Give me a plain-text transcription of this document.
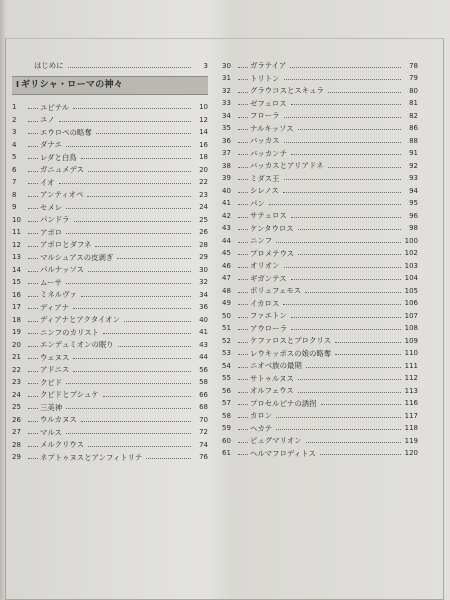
はじめに	3
I ギリシャ・ローマの神々
1	ユピテル	10
2	ユノ	12
3	エウロペの略奪	14
4	ダナエ	16
5	レダと白鳥	18
6	ガニュメデス	20
7	イオ	22
8	アンティオペ	23
9	セメレ	24
10	パンドラ	25
11	アポロ	26
12	アポロとダフネ	28
13	マルシュアスの皮剥ぎ	29
14	パルナッソス	30
15	ムーサ	32
16	ミネルヴァ	34
17	ディアナ	36
18	ディアナとアクタイオン	40
19	ニンフのカリスト	41
20	エンデュミオンの眠り	43
21	ウェヌス	44
22	アドニス	56
23	クピド	58
24	クピドとプシュケ	66
25	三美神	68
26	ウルカヌス	70
27	マルス	72
28	メルクリウス	74
29	ネプトゥヌスとアンフィトリテ	76
30	ガラテイア	78
31	トリトン	79
32	グラウコスとスキュラ	80
33	ゼフュロス	81
34	フローラ	82
35	ナルキッソス	86
36	バッカス	88
37	バッカンテ	91
38	バッカスとアリアドネ	92
39	ミダス王	93
40	シレノス	94
41	パン	95
42	サテュロス	96
43	ケンタウロス	98
44	ニンフ	100
45	プロメテウス	102
46	オリオン	103
47	ギガンテス	104
48	ポリュフェモス	105
49	イカロス	106
50	ファエトン	107
51	アウローラ	108
52	ケファロスとプロクリス	109
53	レウキッポスの娘の略奪	110
54	ニオベ族の最期	111
55	サトゥルヌス	112
56	オルフェウス	113
57	プロセルピナの誘拐	116
58	カロン	117
59	ヘカテ	118
60	ピュグマリオン	119
61	ヘルマフロディトス	120
